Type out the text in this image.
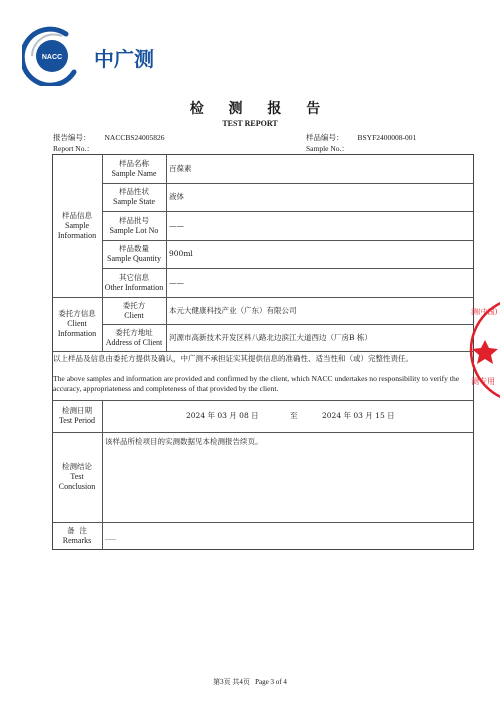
NACC 中广测
检 测 报 告
TEST REPORT
报告编号： NACCBS24005826
Report No.：
样品编号： BSYF2400008-001
Sample No.：
样品信息
Sample
Information
样品名称
Sample Name
百葆素
样品性状
Sample State
液体
样品批号
Sample Lot No
——
样品数量
Sample Quantity
900ml
其它信息
Other Information
——
委托方信息
Client
Information
委托方
Client
本元大健康科技产业（广东）有限公司
委托方地址
Address of Client
河源市高新技术开发区科八路北边滨江大道西边（厂房B 栋）
以上样品及信息由委托方提供及确认，中广测不承担证实其提供信息的准确性、适当性和（或）完整性责任。
The above samples and information are provided and confirmed by the client, which NACC undertakes no responsibility to verify the accuracy, appropriateness and completeness of that provided by the client.
检测日期
Test Period
2024 年 03 月 08 日	至	2024 年 03 月 15 日
检测结论
Test
Conclusion
该样品所检项目的实测数据见本检测报告续页。
备  注
Remarks
___
测(中国)
测专用
第3页 共4页   Page 3 of 4
